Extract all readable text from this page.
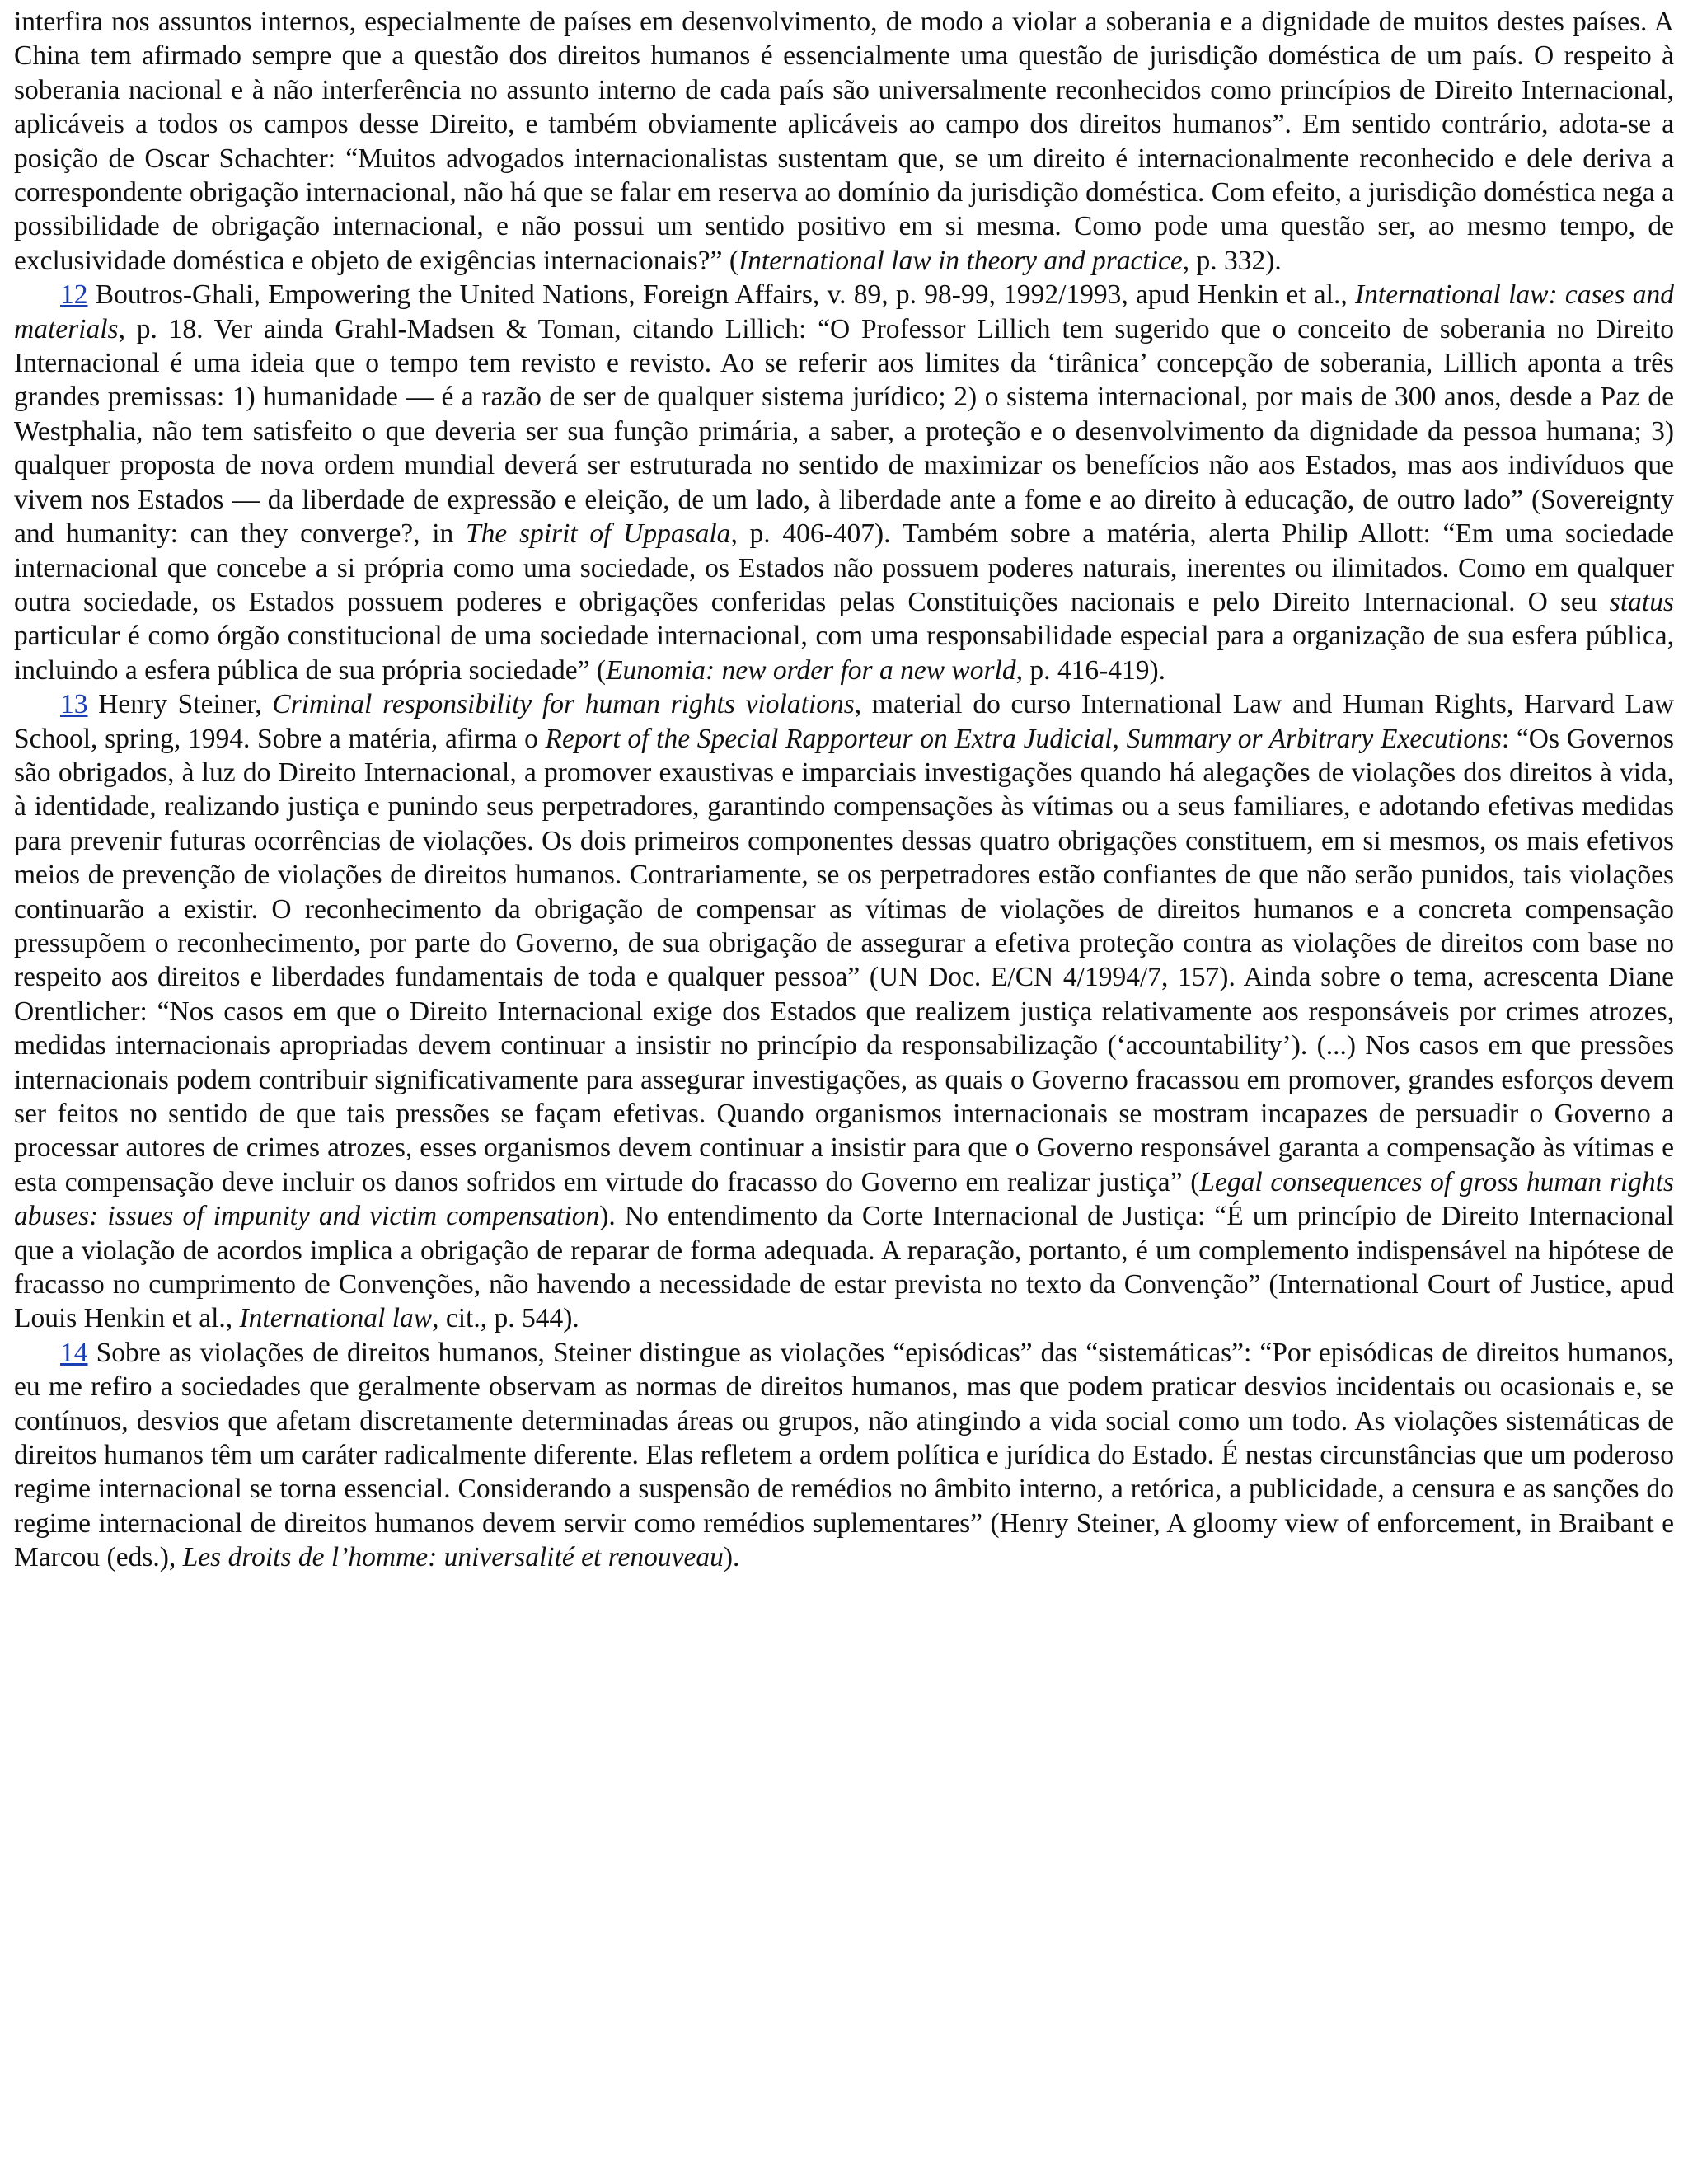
interfira nos assuntos internos, especialmente de países em desenvolvimento, de modo a violar a soberania e a dignidade de muitos destes países. A China tem afirmado sempre que a questão dos direitos humanos é essencialmente uma questão de jurisdição doméstica de um país. O respeito à soberania nacional e à não interferência no assunto interno de cada país são universalmente reconhecidos como princípios de Direito Internacional, aplicáveis a todos os campos desse Direito, e também obviamente aplicáveis ao campo dos direitos humanos”. Em sentido contrário, adota-se a posição de Oscar Schachter: “Muitos advogados internacionalistas sustentam que, se um direito é internacionalmente reconhecido e dele deriva a correspondente obrigação internacional, não há que se falar em reserva ao domínio da jurisdição doméstica. Com efeito, a jurisdição doméstica nega a possibilidade de obrigação internacional, e não possui um sentido positivo em si mesma. Como pode uma questão ser, ao mesmo tempo, de exclusividade doméstica e objeto de exigências internacionais?” (International law in theory and practice, p. 332).

12 Boutros-Ghali, Empowering the United Nations, Foreign Affairs, v. 89, p. 98-99, 1992/1993, apud Henkin et al., International law: cases and materials, p. 18. Ver ainda Grahl-Madsen & Toman, citando Lillich: “O Professor Lillich tem sugerido que o conceito de soberania no Direito Internacional é uma ideia que o tempo tem revisto e revisto. Ao se referir aos limites da ‘tirânica’ concepção de soberania, Lillich aponta a três grandes premissas: 1) humanidade — é a razão de ser de qualquer sistema jurídico; 2) o sistema internacional, por mais de 300 anos, desde a Paz de Westphalia, não tem satisfeito o que deveria ser sua função primária, a saber, a proteção e o desenvolvimento da dignidade da pessoa humana; 3) qualquer proposta de nova ordem mundial deverá ser estruturada no sentido de maximizar os benefícios não aos Estados, mas aos indivíduos que vivem nos Estados — da liberdade de expressão e eleição, de um lado, à liberdade ante a fome e ao direito à educação, de outro lado” (Sovereignty and humanity: can they converge?, in The spirit of Uppasala, p. 406-407). Também sobre a matéria, alerta Philip Allott: “Em uma sociedade internacional que concebe a si própria como uma sociedade, os Estados não possuem poderes naturais, inerentes ou ilimitados. Como em qualquer outra sociedade, os Estados possuem poderes e obrigações conferidas pelas Constituições nacionais e pelo Direito Internacional. O seu status particular é como órgão constitucional de uma sociedade internacional, com uma responsabilidade especial para a organização de sua esfera pública, incluindo a esfera pública de sua própria sociedade” (Eunomia: new order for a new world, p. 416-419).

13 Henry Steiner, Criminal responsibility for human rights violations, material do curso International Law and Human Rights, Harvard Law School, spring, 1994. Sobre a matéria, afirma o Report of the Special Rapporteur on Extra Judicial, Summary or Arbitrary Executions: “Os Governos são obrigados, à luz do Direito Internacional, a promover exaustivas e imparciais investigações quando há alegações de violações dos direitos à vida, à identidade, realizando justiça e punindo seus perpetradores, garantindo compensações às vítimas ou a seus familiares, e adotando efetivas medidas para prevenir futuras ocorrências de violações. Os dois primeiros componentes dessas quatro obrigações constituem, em si mesmos, os mais efetivos meios de prevenção de violações de direitos humanos. Contrariamente, se os perpetradores estão confiantes de que não serão punidos, tais violações continuarão a existir. O reconhecimento da obrigação de compensar as vítimas de violações de direitos humanos e a concreta compensação pressupõem o reconhecimento, por parte do Governo, de sua obrigação de assegurar a efetiva proteção contra as violações de direitos com base no respeito aos direitos e liberdades fundamentais de toda e qualquer pessoa” (UN Doc. E/CN 4/1994/7, 157). Ainda sobre o tema, acrescenta Diane Orentlicher: “Nos casos em que o Direito Internacional exige dos Estados que realizem justiça relativamente aos responsáveis por crimes atrozes, medidas internacionais apropriadas devem continuar a insistir no princípio da responsabilização (‘accountability’). (...) Nos casos em que pressões internacionais podem contribuir significativamente para assegurar investigações, as quais o Governo fracassou em promover, grandes esforços devem ser feitos no sentido de que tais pressões se façam efetivas. Quando organismos internacionais se mostram incapazes de persuadir o Governo a processar autores de crimes atrozes, esses organismos devem continuar a insistir para que o Governo responsável garanta a compensação às vítimas e esta compensação deve incluir os danos sofridos em virtude do fracasso do Governo em realizar justiça” (Legal consequences of gross human rights abuses: issues of impunity and victim compensation). No entendimento da Corte Internacional de Justiça: “É um princípio de Direito Internacional que a violação de acordos implica a obrigação de reparar de forma adequada. A reparação, portanto, é um complemento indispensável na hipótese de fracasso no cumprimento de Convenções, não havendo a necessidade de estar prevista no texto da Convenção” (International Court of Justice, apud Louis Henkin et al., International law, cit., p. 544).

14 Sobre as violações de direitos humanos, Steiner distingue as violações “episódicas” das “sistemáticas”: “Por episódicas de direitos humanos, eu me refiro a sociedades que geralmente observam as normas de direitos humanos, mas que podem praticar desvios incidentais ou ocasionais e, se contínuos, desvios que afetam discretamente determinadas áreas ou grupos, não atingindo a vida social como um todo. As violações sistemáticas de direitos humanos têm um caráter radicalmente diferente. Elas refletem a ordem política e jurídica do Estado. É nestas circunstâncias que um poderoso regime internacional se torna essencial. Considerando a suspensão de remédios no âmbito interno, a retórica, a publicidade, a censura e as sanções do regime internacional de direitos humanos devem servir como remédios suplementares” (Henry Steiner, A gloomy view of enforcement, in Braibant e Marcou (eds.), Les droits de l’homme: universalité et renouveau).
